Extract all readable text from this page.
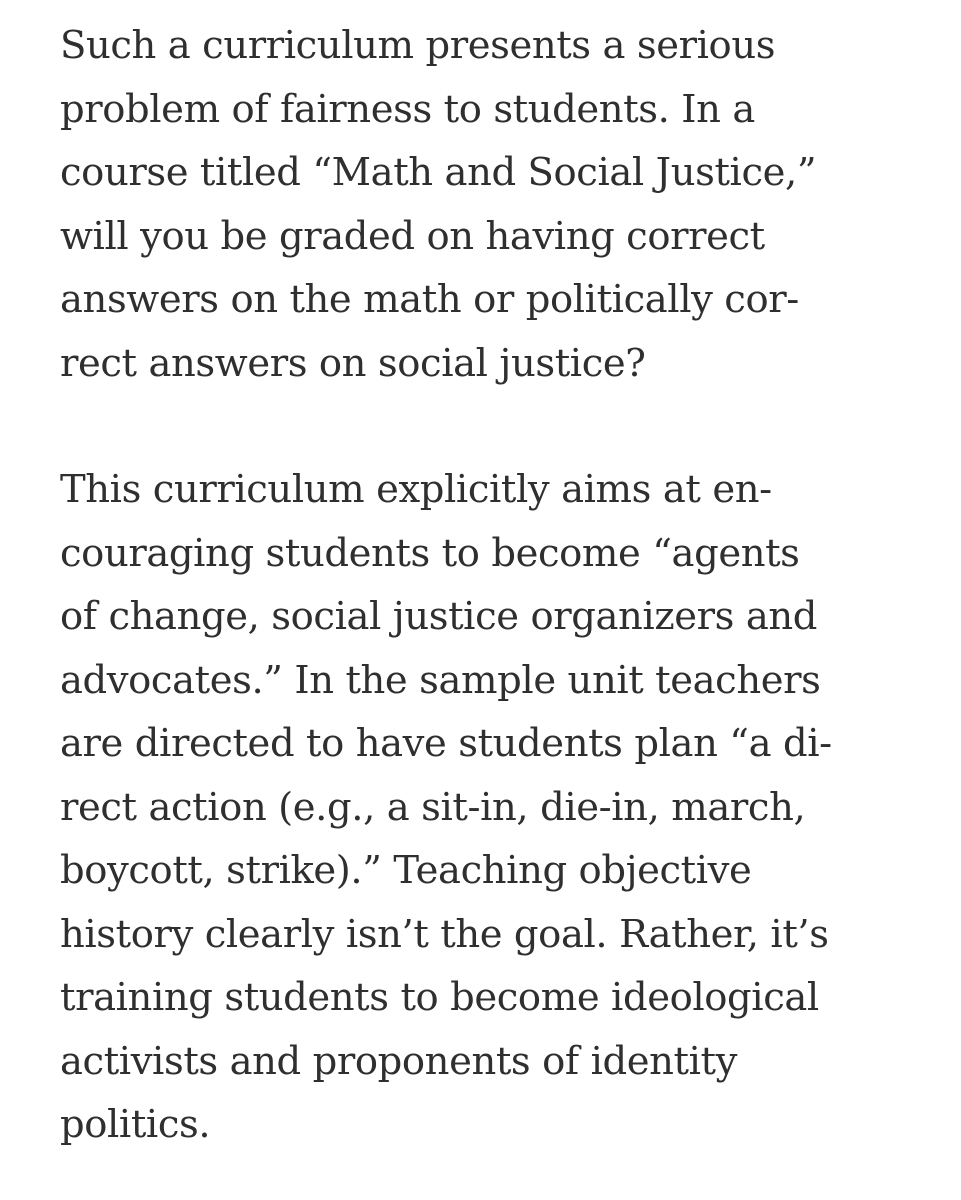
Such a curriculum presents a serious
problem of fairness to students. In a
course titled “Math and Social Justice,”
will you be graded on having correct
answers on the math or politically cor-
rect answers on social justice?
This curriculum explicitly aims at en-
couraging students to become “agents
of change, social justice organizers and
advocates.” In the sample unit teachers
are directed to have students plan “a di-
rect action (e.g., a sit-in, die-in, march,
boycott, strike).” Teaching objective
history clearly isn’t the goal. Rather, it’s
training students to become ideological
activists and proponents of identity
politics.
